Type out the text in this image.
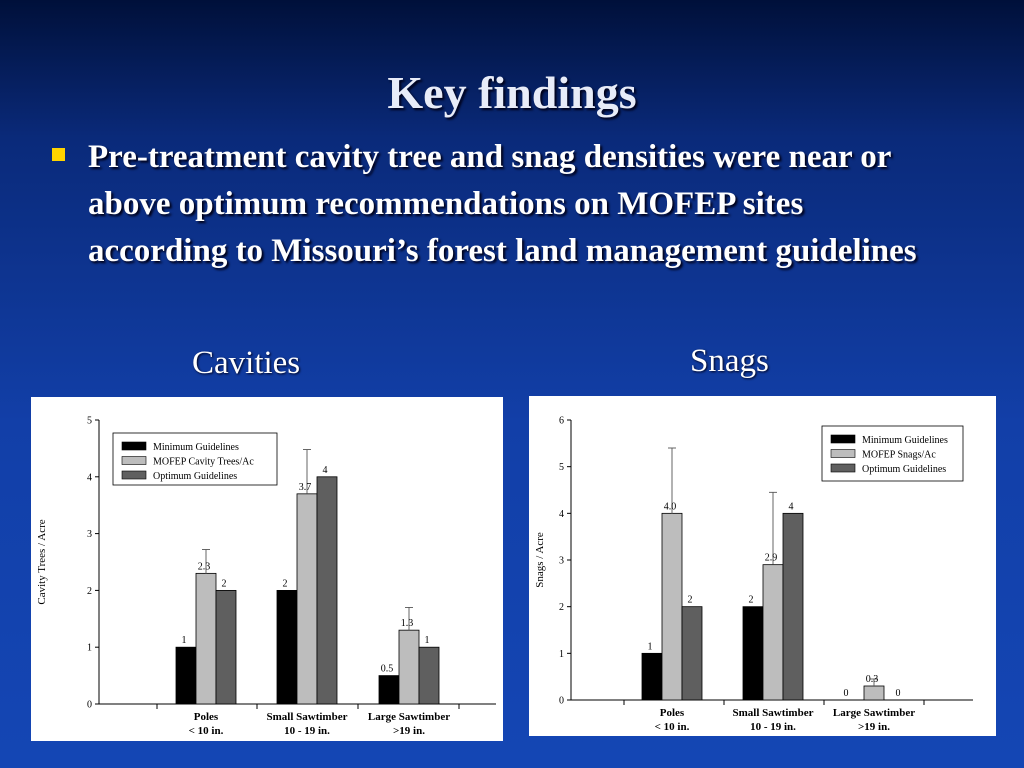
Key findings
Pre-treatment cavity tree and snag densities were near or above optimum recommendations on MOFEP sites according to Missouri’s forest land management guidelines
Cavities	Snags
0
1
2
3
4
5
Cavity Trees / Acre
1
2.3
2
Poles
< 10 in.
2
3.7
4
Small Sawtimber
10 - 19 in.
0.5
1.3
1
Large Sawtimber
>19 in.
Minimum Guidelines
MOFEP Cavity Trees/Ac
Optimum Guidelines
0
1
2
3
4
5
6
Snags / Acre
1
4.0
2
Poles
< 10 in.
2
2.9
4
Small Sawtimber
10 - 19 in.
0
0.3
0
Large Sawtimber
>19 in.
Minimum Guidelines
MOFEP Snags/Ac
Optimum Guidelines
